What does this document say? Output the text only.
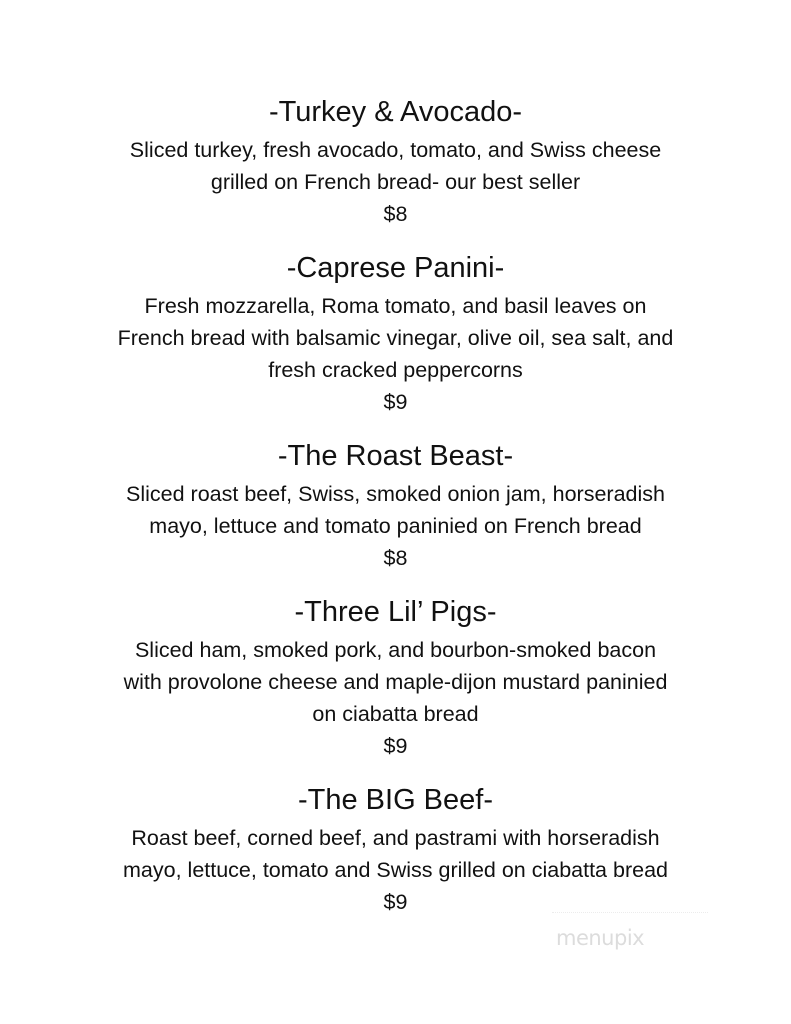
-Turkey & Avocado-
Sliced turkey, fresh avocado, tomato, and Swiss cheese
grilled on French bread- our best seller
$8
-Caprese Panini-
Fresh mozzarella, Roma tomato, and basil leaves on
French bread with balsamic vinegar, olive oil, sea salt, and
fresh cracked peppercorns
$9
-The Roast Beast-
Sliced roast beef, Swiss, smoked onion jam, horseradish
mayo, lettuce and tomato paninied on French bread
$8
-Three Lil’ Pigs-
Sliced ham, smoked pork, and bourbon-smoked bacon
with provolone cheese and maple-dijon mustard paninied
on ciabatta bread
$9
-The BIG Beef-
Roast beef, corned beef, and pastrami with horseradish
mayo, lettuce, tomato and Swiss grilled on ciabatta bread
$9
menupix
